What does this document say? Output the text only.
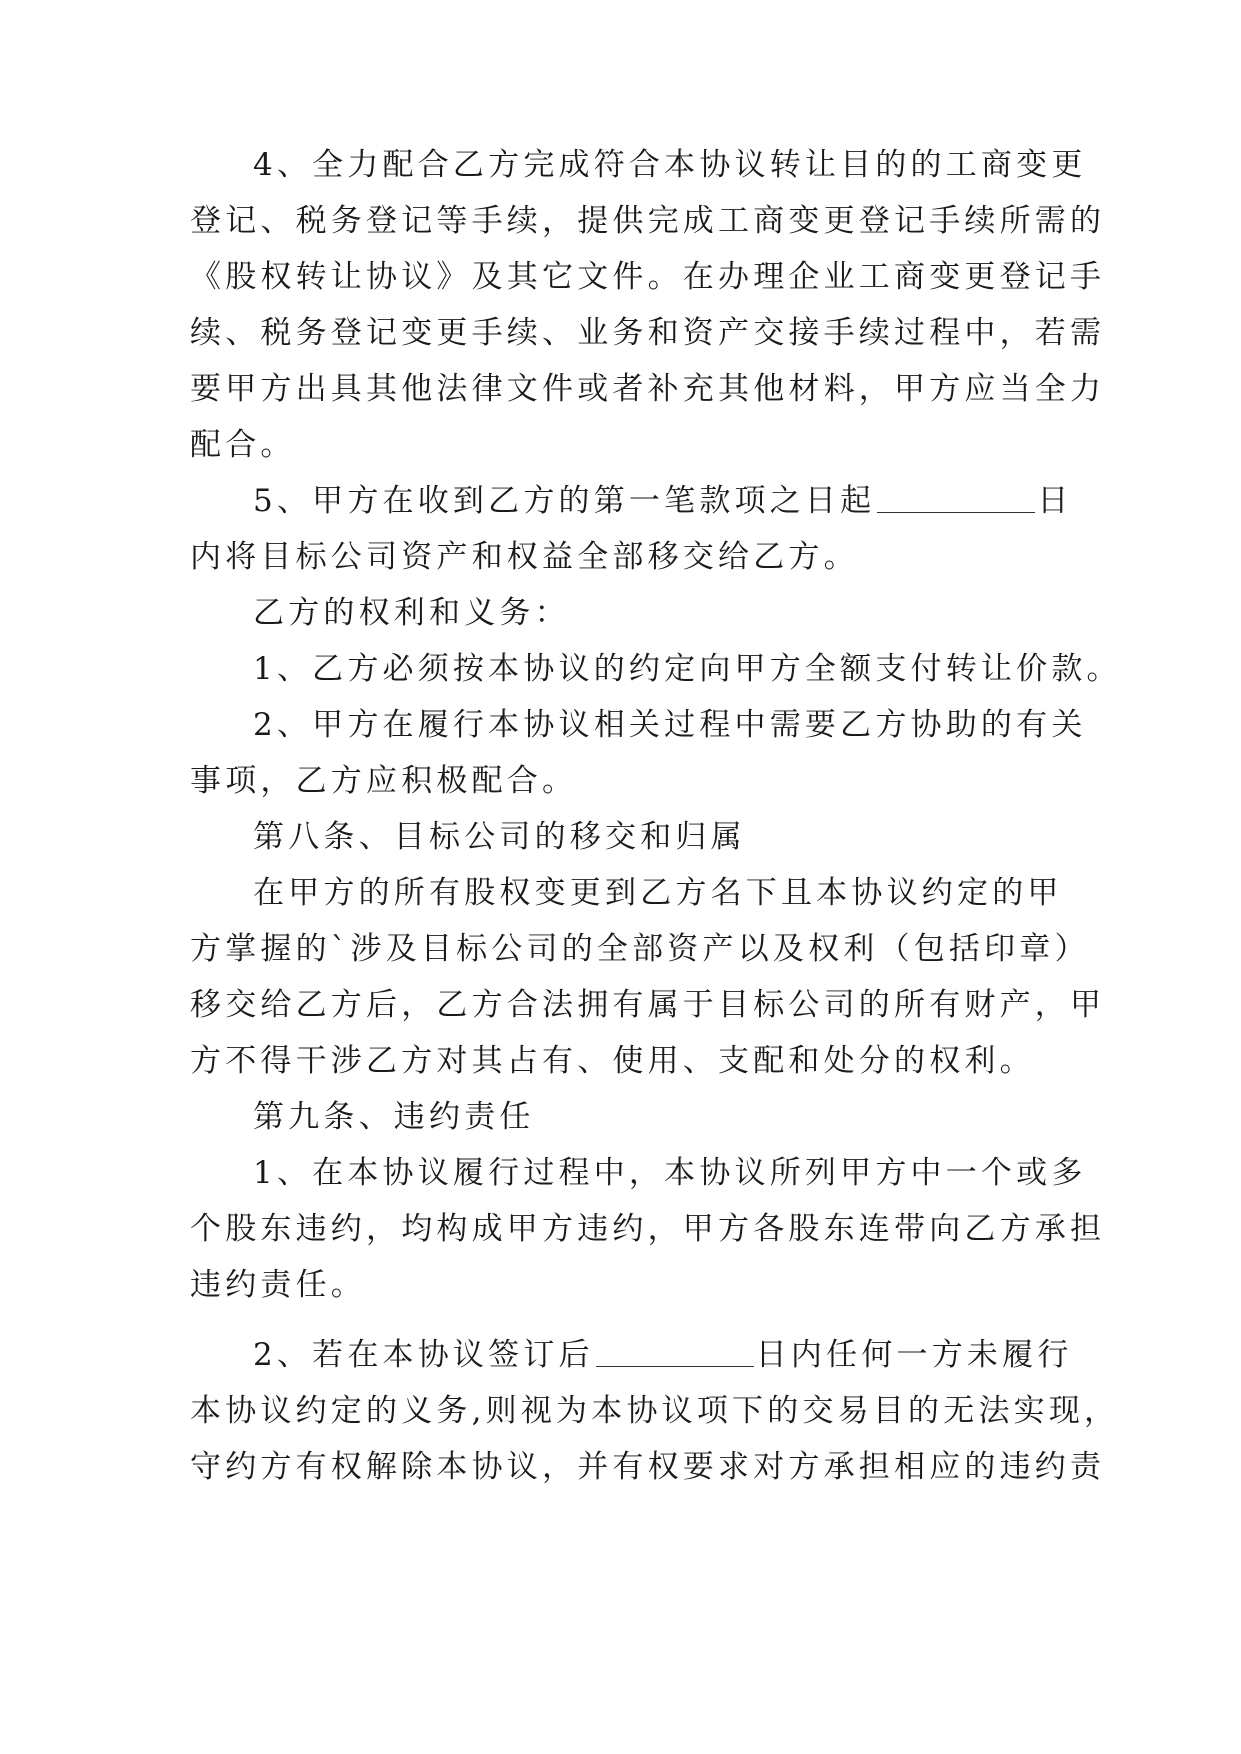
4、全力配合乙方完成符合本协议转让目的的工商变更
登记、税务登记等手续，提供完成工商变更登记手续所需的
《股权转让协议》及其它文件。在办理企业工商变更登记手
续、税务登记变更手续、业务和资产交接手续过程中，若需
要甲方出具其他法律文件或者补充其他材料，甲方应当全力
配合。
5、甲方在收到乙方的第一笔款项之日起	日
内将目标公司资产和权益全部移交给乙方。
乙方的权利和义务：
1、乙方必须按本协议的约定向甲方全额支付转让价款。
2、甲方在履行本协议相关过程中需要乙方协助的有关
事项，乙方应积极配合。
第八条、目标公司的移交和归属
在甲方的所有股权变更到乙方名下且本协议约定的甲
方掌握的`涉及目标公司的全部资产以及权利（包括印章）
移交给乙方后，乙方合法拥有属于目标公司的所有财产，甲
方不得干涉乙方对其占有、使用、支配和处分的权利。
第九条、违约责任
1、在本协议履行过程中，本协议所列甲方中一个或多
个股东违约，均构成甲方违约，甲方各股东连带向乙方承担
违约责任。
2、若在本协议签订后	日内任何一方未履行
本协议约定的义务,则视为本协议项下的交易目的无法实现，
守约方有权解除本协议，并有权要求对方承担相应的违约责
